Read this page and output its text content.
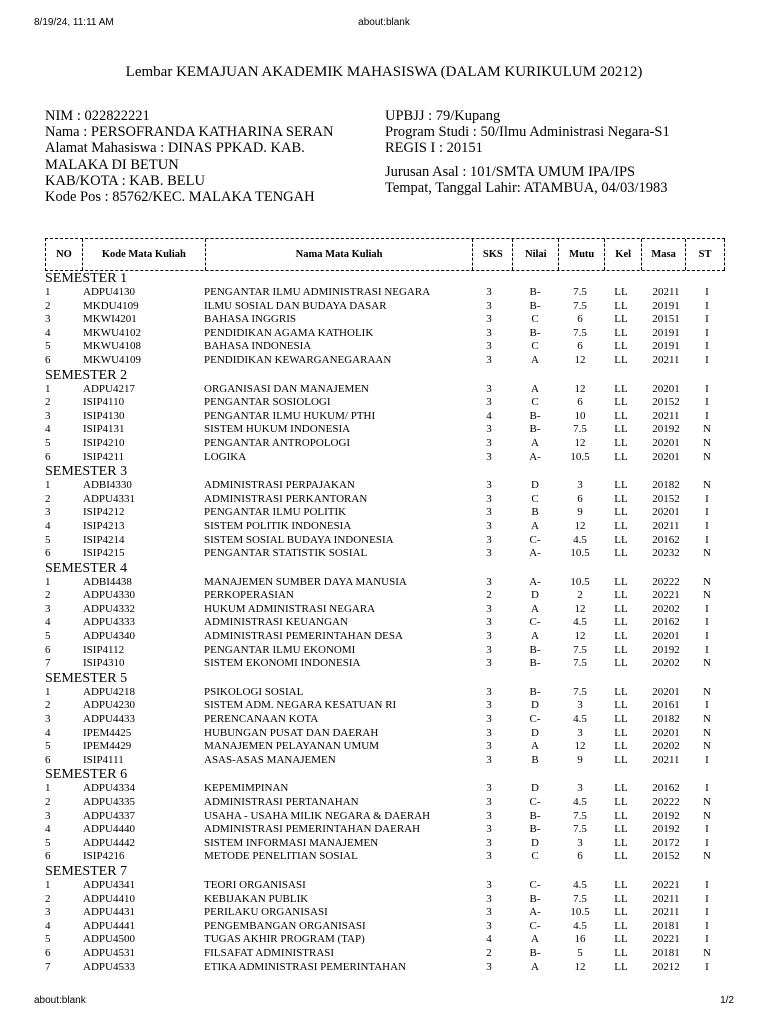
8/19/24, 11:11 AM	about:blank
Lembar KEMAJUAN AKADEMIK MAHASISWA (DALAM KURIKULUM 20212)
NIM : 022822221
Nama : PERSOFRANDA KATHARINA SERAN
Alamat Mahasiswa : DINAS PPKAD. KAB.
MALAKA DI BETUN
KAB/KOTA : KAB. BELU
Kode Pos : 85762/KEC. MALAKA TENGAH
UPBJJ : 79/Kupang
Program Studi : 50/Ilmu Administrasi Negara-S1
REGIS I : 20151
Jurusan Asal : 101/SMTA UMUM IPA/IPS
Tempat, Tanggal Lahir: ATAMBUA, 04/03/1983
NO	Kode Mata Kuliah	Nama Mata Kuliah	SKS	Nilai	Mutu	Kel	Masa	ST
SEMESTER 1
1	ADPU4130	PENGANTAR ILMU ADMINISTRASI NEGARA	3	B-	7.5	LL	20211	I
2	MKDU4109	ILMU SOSIAL DAN BUDAYA DASAR	3	B-	7.5	LL	20191	I
3	MKWI4201	BAHASA INGGRIS	3	C	6	LL	20151	I
4	MKWU4102	PENDIDIKAN AGAMA KATHOLIK	3	B-	7.5	LL	20191	I
5	MKWU4108	BAHASA INDONESIA	3	C	6	LL	20191	I
6	MKWU4109	PENDIDIKAN KEWARGANEGARAAN	3	A	12	LL	20211	I
SEMESTER 2
1	ADPU4217	ORGANISASI DAN MANAJEMEN	3	A	12	LL	20201	I
2	ISIP4110	PENGANTAR SOSIOLOGI	3	C	6	LL	20152	I
3	ISIP4130	PENGANTAR ILMU HUKUM/ PTHI	4	B-	10	LL	20211	I
4	ISIP4131	SISTEM HUKUM INDONESIA	3	B-	7.5	LL	20192	N
5	ISIP4210	PENGANTAR ANTROPOLOGI	3	A	12	LL	20201	N
6	ISIP4211	LOGIKA	3	A-	10.5	LL	20201	N
SEMESTER 3
1	ADBI4330	ADMINISTRASI PERPAJAKAN	3	D	3	LL	20182	N
2	ADPU4331	ADMINISTRASI PERKANTORAN	3	C	6	LL	20152	I
3	ISIP4212	PENGANTAR ILMU POLITIK	3	B	9	LL	20201	I
4	ISIP4213	SISTEM POLITIK INDONESIA	3	A	12	LL	20211	I
5	ISIP4214	SISTEM SOSIAL BUDAYA INDONESIA	3	C-	4.5	LL	20162	I
6	ISIP4215	PENGANTAR STATISTIK SOSIAL	3	A-	10.5	LL	20232	N
SEMESTER 4
1	ADBI4438	MANAJEMEN SUMBER DAYA MANUSIA	3	A-	10.5	LL	20222	N
2	ADPU4330	PERKOPERASIAN	2	D	2	LL	20221	N
3	ADPU4332	HUKUM ADMINISTRASI NEGARA	3	A	12	LL	20202	I
4	ADPU4333	ADMINISTRASI KEUANGAN	3	C-	4.5	LL	20162	I
5	ADPU4340	ADMINISTRASI PEMERINTAHAN DESA	3	A	12	LL	20201	I
6	ISIP4112	PENGANTAR ILMU EKONOMI	3	B-	7.5	LL	20192	I
7	ISIP4310	SISTEM EKONOMI INDONESIA	3	B-	7.5	LL	20202	N
SEMESTER 5
1	ADPU4218	PSIKOLOGI SOSIAL	3	B-	7.5	LL	20201	N
2	ADPU4230	SISTEM ADM. NEGARA KESATUAN RI	3	D	3	LL	20161	I
3	ADPU4433	PERENCANAAN KOTA	3	C-	4.5	LL	20182	N
4	IPEM4425	HUBUNGAN PUSAT DAN DAERAH	3	D	3	LL	20201	N
5	IPEM4429	MANAJEMEN PELAYANAN UMUM	3	A	12	LL	20202	N
6	ISIP4111	ASAS-ASAS MANAJEMEN	3	B	9	LL	20211	I
SEMESTER 6
1	ADPU4334	KEPEMIMPINAN	3	D	3	LL	20162	I
2	ADPU4335	ADMINISTRASI PERTANAHAN	3	C-	4.5	LL	20222	N
3	ADPU4337	USAHA - USAHA MILIK NEGARA & DAERAH	3	B-	7.5	LL	20192	N
4	ADPU4440	ADMINISTRASI PEMERINTAHAN DAERAH	3	B-	7.5	LL	20192	I
5	ADPU4442	SISTEM INFORMASI MANAJEMEN	3	D	3	LL	20172	I
6	ISIP4216	METODE PENELITIAN SOSIAL	3	C	6	LL	20152	N
SEMESTER 7
1	ADPU4341	TEORI ORGANISASI	3	C-	4.5	LL	20221	I
2	ADPU4410	KEBIJAKAN PUBLIK	3	B-	7.5	LL	20211	I
3	ADPU4431	PERILAKU ORGANISASI	3	A-	10.5	LL	20211	I
4	ADPU4441	PENGEMBANGAN ORGANISASI	3	C-	4.5	LL	20181	I
5	ADPU4500	TUGAS AKHIR PROGRAM (TAP)	4	A	16	LL	20221	I
6	ADPU4531	FILSAFAT ADMINISTRASI	2	B-	5	LL	20181	N
7	ADPU4533	ETIKA ADMINISTRASI PEMERINTAHAN	3	A	12	LL	20212	I
about:blank	1/2
